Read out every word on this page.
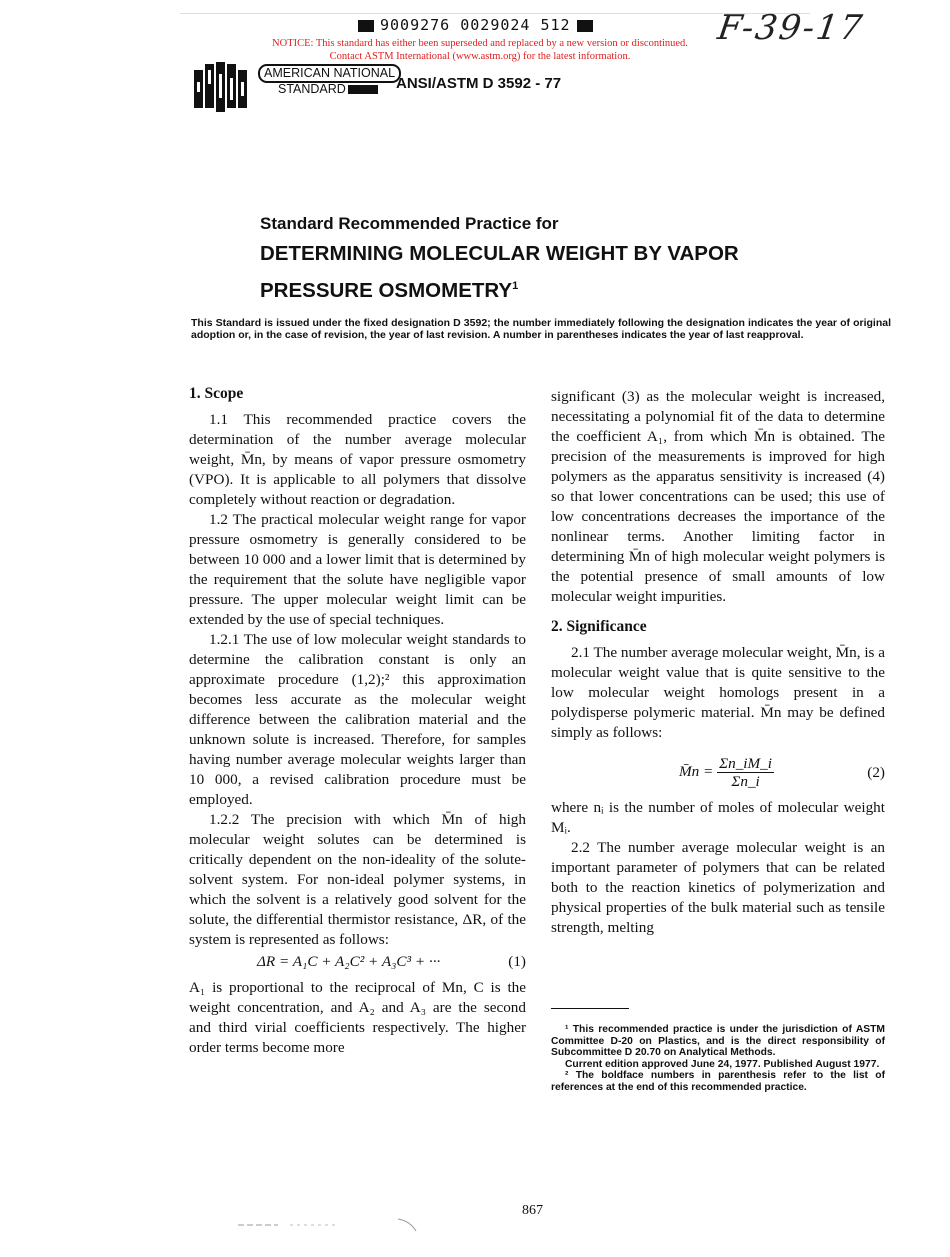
9009276 0029024 512
NOTICE: This standard has either been superseded and replaced by a new version or discontinued.
Contact ASTM International (www.astm.org) for the latest information.
F-39-17
AMERICAN NATIONAL
STANDARD	ANSI/ASTM D 3592 - 77
Standard Recommended Practice for
DETERMINING MOLECULAR WEIGHT BY VAPOR
PRESSURE OSMOMETRY$^1$
This Standard is issued under the fixed designation D 3592; the number immediately following the designation indicates the year of original adoption or, in the case of revision, the year of last revision. A number in parentheses indicates the year of last reapproval.

1. Scope

1.1 This recommended practice covers the determination of the number average molecular weight, M̄n, by means of vapor pressure osmometry (VPO). It is applicable to all polymers that dissolve completely without reaction or degradation.

1.2 The practical molecular weight range for vapor pressure osmometry is generally considered to be between 10 000 and a lower limit that is determined by the requirement that the solute have negligible vapor pressure. The upper molecular weight limit can be extended by the use of special techniques.

1.2.1 The use of low molecular weight standards to determine the calibration constant is only an approximate procedure (1,2);² this approximation becomes less accurate as the molecular weight difference between the calibration material and the unknown solute is increased. Therefore, for samples having number average molecular weights larger than 10 000, a revised calibration procedure must be employed.

1.2.2 The precision with which M̄n of high molecular weight solutes can be determined is critically dependent on the non-ideality of the solute-solvent system. For non-ideal polymer systems, in which the solvent is a relatively good solvent for the solute, the differential thermistor resistance, ΔR, of the system is represented as follows:

ΔR = A₁C + A₂C² + A₃C³ + ···	(1)

A₁ is proportional to the reciprocal of Mn, C is the weight concentration, and A₂ and A₃ are the second and third virial coefficients respectively. The higher order terms become more

significant (3) as the molecular weight is increased, necessitating a polynomial fit of the data to determine the coefficient A₁, from which M̄n is obtained. The precision of the measurements is improved for high polymers as the apparatus sensitivity is increased (4) so that lower concentrations can be used; this use of low concentrations decreases the importance of the nonlinear terms. Another limiting factor in determining M̄n of high molecular weight polymers is the potential presence of small amounts of low molecular weight impurities.

2. Significance

2.1 The number average molecular weight, M̄n, is a molecular weight value that is quite sensitive to the low molecular weight homologs present in a polydisperse polymeric material. M̄n may be defined simply as follows:

M̄n = $\frac{\Sigma n\_iM\_i}{\Sigma n\_i}$	(2)

where nᵢ is the number of moles of molecular weight Mᵢ.

2.2 The number average molecular weight is an important parameter of polymers that can be related both to the reaction kinetics of polymerization and physical properties of the bulk material such as tensile strength, melting

¹ This recommended practice is under the jurisdiction of ASTM Committee D-20 on Plastics, and is the direct responsibility of Subcommittee D 20.70 on Analytical Methods.

Current edition approved June 24, 1977. Published August 1977.

² The boldface numbers in parenthesis refer to the list of references at the end of this recommended practice.

867
